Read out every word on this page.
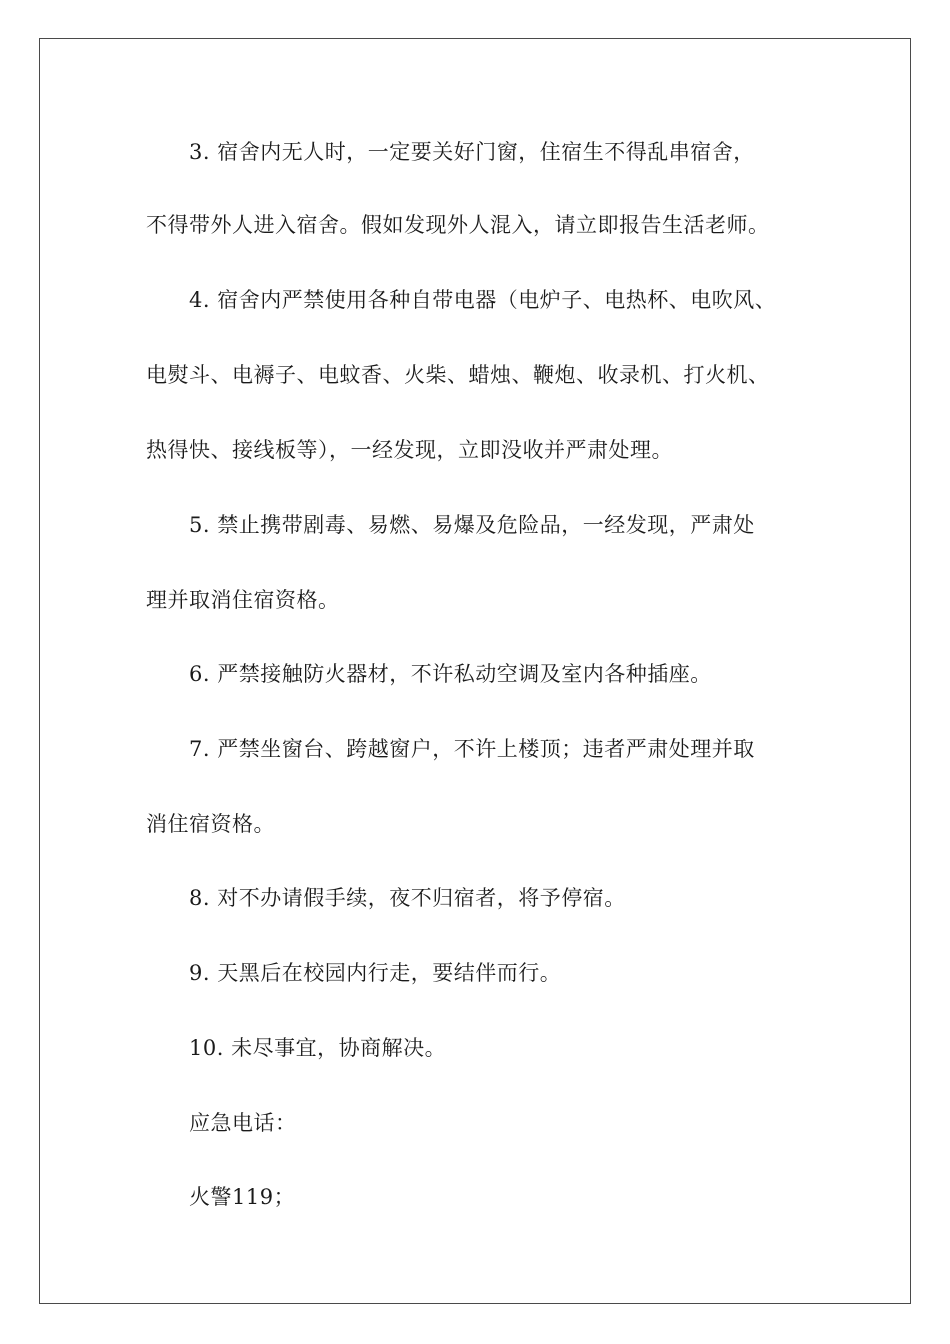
3. 宿舍内无人时，一定要关好门窗，住宿生不得乱串宿舍，
不得带外人进入宿舍。假如发现外人混入，请立即报告生活老师。
4. 宿舍内严禁使用各种自带电器（电炉子、电热杯、电吹风、
电熨斗、电褥子、电蚊香、火柴、蜡烛、鞭炮、收录机、打火机、
热得快、接线板等），一经发现，立即没收并严肃处理。
5. 禁止携带剧毒、易燃、易爆及危险品，一经发现，严肃处
理并取消住宿资格。
6. 严禁接触防火器材，不许私动空调及室内各种插座。
7. 严禁坐窗台、跨越窗户，不许上楼顶；违者严肃处理并取
消住宿资格。
8. 对不办请假手续，夜不归宿者，将予停宿。
9. 天黑后在校园内行走，要结伴而行。
10. 未尽事宜，协商解决。
应急电话：
火警119；
